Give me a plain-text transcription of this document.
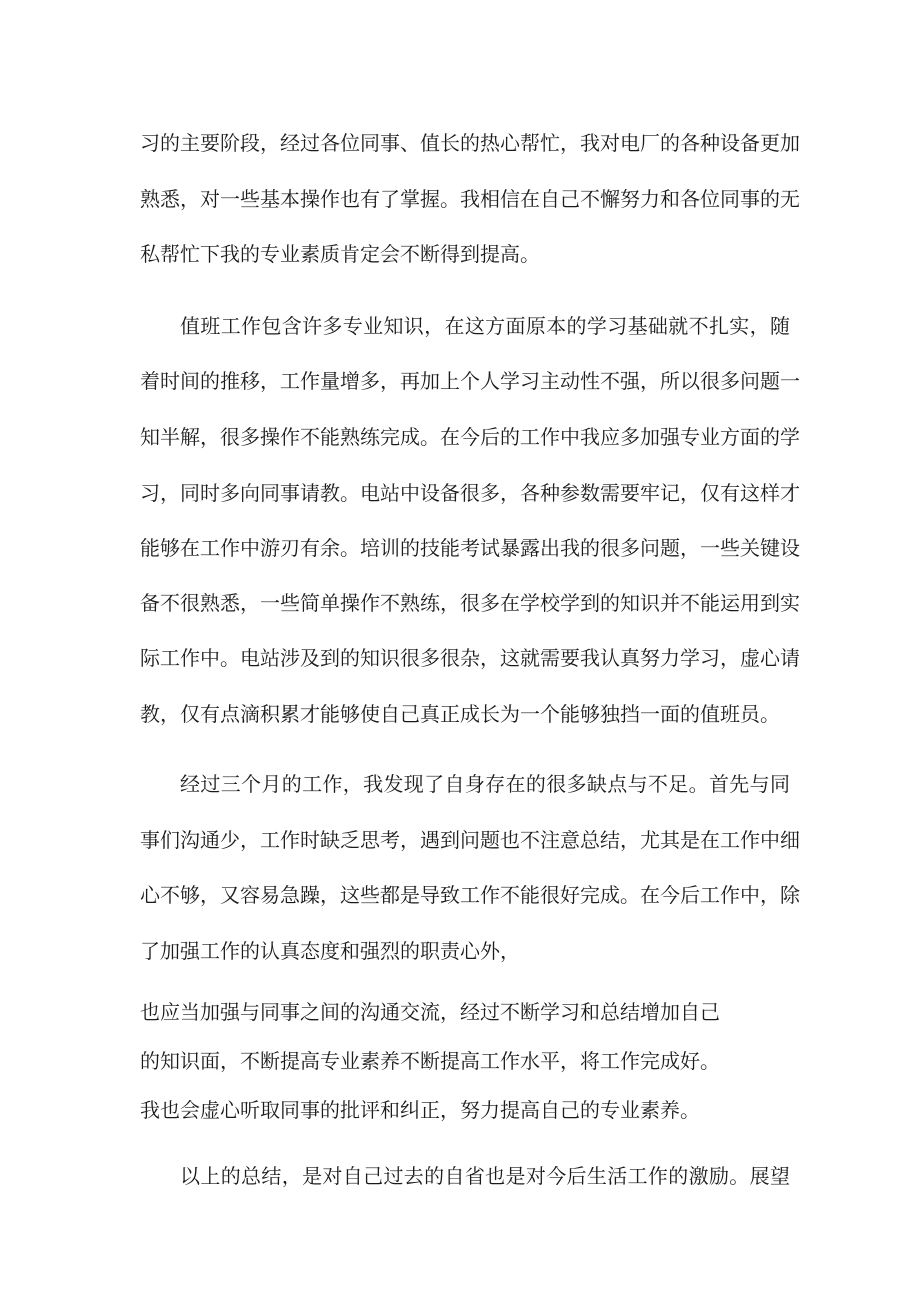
习的主要阶段，经过各位同事、值长的热心帮忙，我对电厂的各种设备更加
熟悉，对一些基本操作也有了掌握。我相信在自己不懈努力和各位同事的无
私帮忙下我的专业素质肯定会不断得到提高。
值班工作包含许多专业知识，在这方面原本的学习基础就不扎实，随
着时间的推移，工作量增多，再加上个人学习主动性不强，所以很多问题一
知半解，很多操作不能熟练完成。在今后的工作中我应多加强专业方面的学
习，同时多向同事请教。电站中设备很多，各种参数需要牢记，仅有这样才
能够在工作中游刃有余。培训的技能考试暴露出我的很多问题，一些关键设
备不很熟悉，一些简单操作不熟练，很多在学校学到的知识并不能运用到实
际工作中。电站涉及到的知识很多很杂，这就需要我认真努力学习，虚心请
教，仅有点滴积累才能够使自己真正成长为一个能够独挡一面的值班员。
经过三个月的工作，我发现了自身存在的很多缺点与不足。首先与同
事们沟通少，工作时缺乏思考，遇到问题也不注意总结，尤其是在工作中细
心不够，又容易急躁，这些都是导致工作不能很好完成。在今后工作中，除
了加强工作的认真态度和强烈的职责心外，
也应当加强与同事之间的沟通交流，经过不断学习和总结增加自己
的知识面，不断提高专业素养不断提高工作水平，将工作完成好。
我也会虚心听取同事的批评和纠正，努力提高自己的专业素养。
以上的总结，是对自己过去的自省也是对今后生活工作的激励。展望
